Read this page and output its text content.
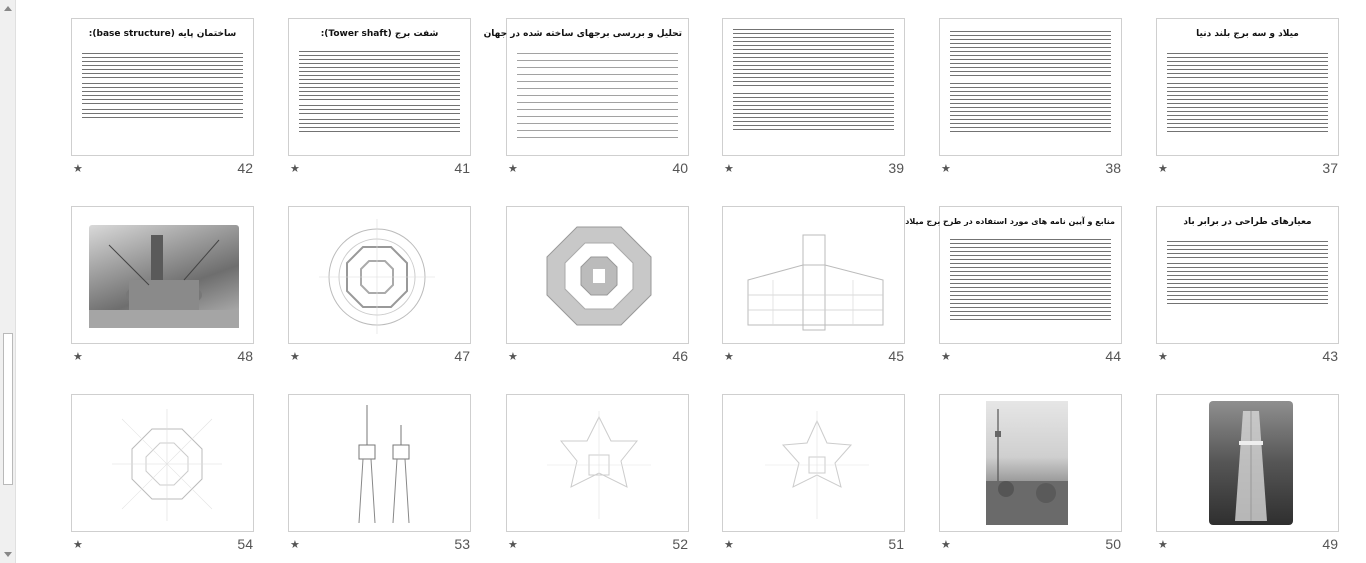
ساختمان پایه (base structure):
★	42
شفت برج (Tower shaft):
★	41
تحلیل و بررسی برجهای ساخته شده در جهان
★	40	★	39	★	38
میلاد و سه برج بلند دنیا
★	37
★	48	★	47	★	46	★	45
منابع و آیین نامه های مورد استفاده در طرح برج میلاد
★	44
معیارهای طراحی در برابر باد
★	43
★	54	★	53	★	52	★	51	★	50	★	49
